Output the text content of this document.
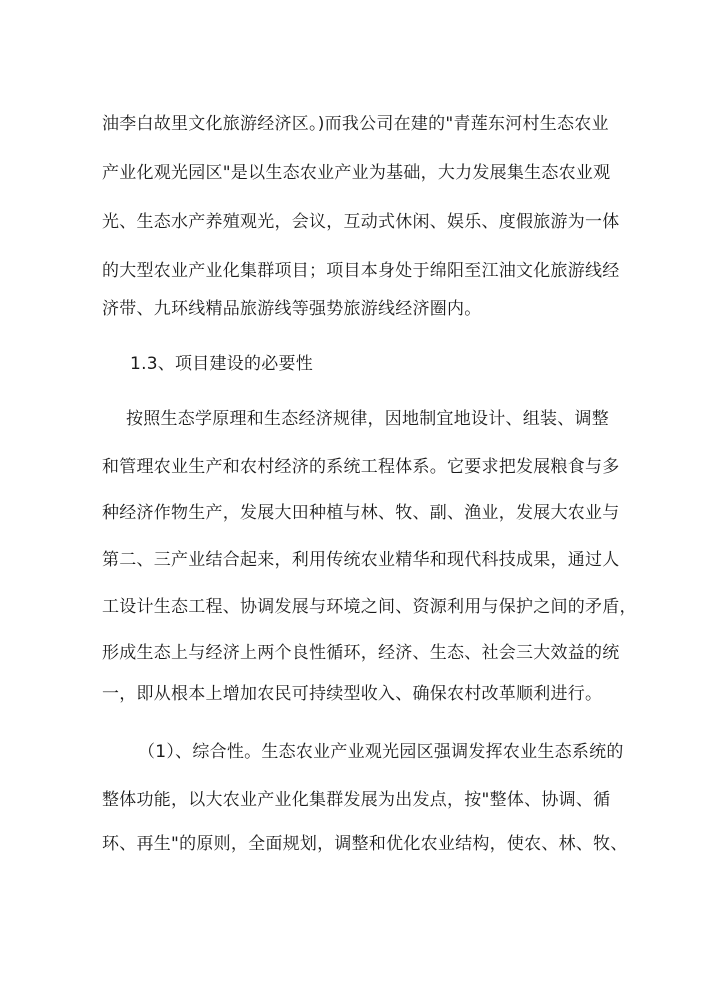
油李白故里文化旅游经济区。)而我公司在建的"青莲东河村生态农业
产业化观光园区"是以生态农业产业为基础，大力发展集生态农业观
光、生态水产养殖观光，会议，互动式休闲、娱乐、度假旅游为一体
的大型农业产业化集群项目；项目本身处于绵阳至江油文化旅游线经
济带、九环线精品旅游线等强势旅游线经济圈内。
1.3、项目建设的必要性
按照生态学原理和生态经济规律，因地制宜地设计、组装、调整
和管理农业生产和农村经济的系统工程体系。它要求把发展粮食与多
种经济作物生产，发展大田种植与林、牧、副、渔业，发展大农业与
第二、三产业结合起来，利用传统农业精华和现代科技成果，通过人
工设计生态工程、协调发展与环境之间、资源利用与保护之间的矛盾，
形成生态上与经济上两个良性循环，经济、生态、社会三大效益的统
一，即从根本上增加农民可持续型收入、确保农村改革顺利进行。
（1）、综合性。生态农业产业观光园区强调发挥农业生态系统的
整体功能，以大农业产业化集群发展为出发点，按"整体、协调、循
环、再生"的原则，全面规划，调整和优化农业结构，使农、林、牧、
